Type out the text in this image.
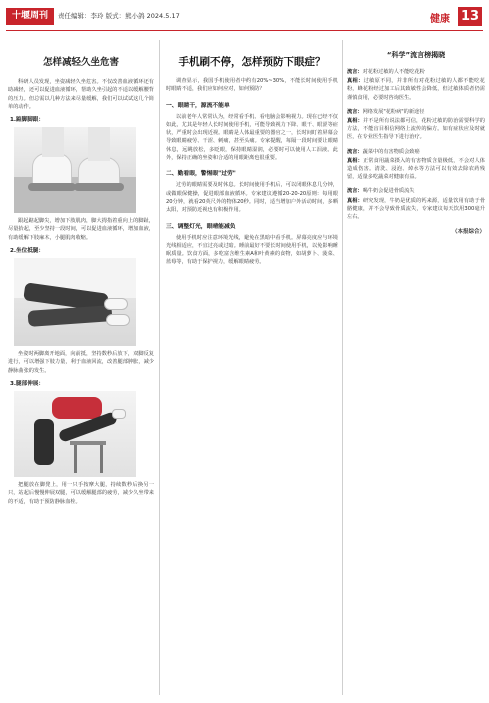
十堰周刊	责任编辑：李玲 版式：熊小鸽 2024.5.17	健康 13
怎样减轻久坐危害

科研人员发现，坐姿减轻久坐危害。不仅改善血液循环还有助减轻，还可以促进血液循环，帮助久坐引起的不适以缓解腰背的压力。但总需以几种方法来尽量缓解，我们可以试试这几个简单的动作。

1.踮脚脚跟：

跟起踮起脚尖，增加下肢肌肉，脚大拇指着重向上的脚趾，尽量抬起，至少坚持一段时间，可以促进血液循环，增加血液，有助缓解下肢麻木，小腿肌肉收缩。

2.坐位抵腿：

坐姿时两脚离开地面，向前抵，坚持数秒后放下，双脚反复进行，可以增强下肢力量，利于血液回流，改善腿部肿胀，减少静脉曲张的发生。

3.腿部伸展：

把腿放在脚凳上，用一只手按摩大腿，持续数秒后换另一只，站起后慢慢伸展双腿，可以缓解腿部的疲劳，减少久坐带来的不适，有助于预防静脉血栓。

手机刷不停，怎样预防下眼症？

调查显示，我国手机使用者中约有20%~30%，不能长时间使用手机时眼睛不适，我们应如何应对，如何预防？

一、眼睛干，源流不能单

以前老年人常常认为，经常看手机、看电脑会影响视力。现在已经不仅如此，尤其是年轻人长时间使用手机，可能导致视力下降、眼干、眼涩等症状，严重时会出现近视。眼睛是人体最重要的器官之一，长时间盯着屏幕会导致眼睛疲劳、干涩、刺痛，甚至头痛。专家提醒，每隔一段时间要让眼睛休息，远眺放松，多眨眼，保持眼睛湿润，必要时可以使用人工泪液。此外，保持正确的坐姿和合适的用眼距离也很重要。

二、勤看眼，警惕眼"过劳"

过劳的眼睛需要及时休息。长时间使用手机后，可以闭眼休息几分钟，或做眼保健操，促进眼部血液循环。专家建议遵循20-20-20原则：每用眼20分钟，就看20英尺外的物体20秒。同时，适当增加户外活动时间，多晒太阳，对预防近视也有积极作用。

三、调整灯光，眼晴能减负

使用手机时应注意环境光线，避免在黑暗中看手机。屏幕亮度应与环境光线相适应，不宜过亮或过暗。睡前最好不要长时间使用手机，以免影响睡眠质量。饮食方面，多吃富含维生素A和叶黄素的食物，如胡萝卜、菠菜、蓝莓等，有助于保护视力，缓解眼睛疲劳。

“科学”流言榜揭晓

流言：对花粉过敏的人不能吃花粉

真相：过敏原不同，并非所有对花粉过敏的人都不能吃花粉，蜂花粉经过加工后其致敏性会降低，但过敏体质者仍需谨慎食用，必要时咨询医生。

流言：网络发展"花粉病"的新途径

真相：并不是所有说法都可信，花粉过敏的防治需要科学的方法，不能盲目相信网络上流传的偏方。如有症状应及时就医，在专业医生指导下进行治疗。

流言：蔬菜中的有害物质会致癌

真相：正常食用蔬菜摄入的有害物质含量极低，不会对人体造成伤害。清洗、浸泡、焯水等方法可以有效去除农药残留，适量多吃蔬菜对健康有益。

流言：喝牛奶会促进骨质流失

真相：研究发现，牛奶是优质的钙来源，适量饮用有助于骨骼健康，并不会导致骨质流失，专家建议每天饮用300毫升左右。

（本报综合）
